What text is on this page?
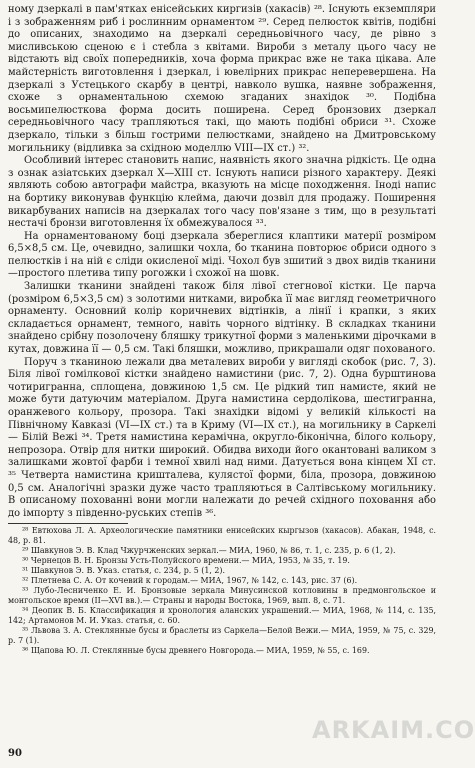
ному дзеркалі в пам'ятках енісейських киргизів (хакасів) ²⁸. Існують екземпляри і з зображенням риб і рослинним орнаментом ²⁹. Серед пелюсток квітів, подібні до описаних, знаходимо на дзеркалі середньовічного часу, де рівно з мисливською сценою є і стебла з квітами. Вироби з металу цього часу не відстають від своїх попередників, хоча форма прикрас вже не така цікава. Але майстерність виготовлення і дзеркал, і ювелірних прикрас неперевершена. На дзеркалі з Устецького скарбу в центрі, навколо вушка, наявне зображення, схоже з орнаментальною схемою згаданих знахідок ³⁰. Подібна восьмипелюсткова форма досить поширена. Серед бронзових дзеркал середньовічного часу трапляються такі, що мають подібні обриси ³¹. Схоже дзеркало, тільки з більш гострими пелюстками, знайдено на Дмитровському могильнику (відливка за східною моделлю VIII—IX ст.) ³².

Особливий інтерес становить напис, наявність якого значна рідкість. Це одна з ознак азіатських дзеркал X—XIII ст. Існують написи різного характеру. Деякі являють собою автографи майстра, вказують на місце походження. Іноді напис на бортику виконував функцію клейма, даючи дозвіл для продажу. Поширення викарбуваних написів на дзеркалах того часу пов'язане з тим, що в результаті нестачі бронзи виготовлення їх обмежувалося ³³.

На орнаментованому боці дзеркала збереглися клаптики матерії розміром 6,5×8,5 см. Це, очевидно, залишки чохла, бо тканина повторює обриси одного з пелюстків і на ній є сліди окисленої міді. Чохол був зшитий з двох видів тканини—простого плетива типу рогожки і схожої на шовк.

Залишки тканини знайдені також біля лівої стегнової кістки. Це парча (розміром 6,5×3,5 см) з золотими нитками, виробка її має вигляд геометричного орнаменту. Основний колір коричневих відтінків, а лінії і крапки, з яких складається орнамент, темного, навіть чорного відтінку. В складках тканини знайдено срібну позолочену бляшку трикутної форми з маленькими дірочками в кутах, довжина її — 0,5 см. Такі бляшки, можливо, прикрашали одяг похованого.

Поруч з тканиною лежали два металевих вироби у вигляді скобок (рис. 7, 3). Біля лівої гомілкової кістки знайдено намистини (рис. 7, 2). Одна бурштинова чотиригранна, сплощена, довжиною 1,5 см. Це рідкий тип намисте, який не може бути датуючим матеріалом. Друга намистина сердолікова, шестигранна, оранжевого кольору, прозора. Такі знахідки відомі у великій кількості на Північному Кавказі (VI—IX ст.) та в Криму (VI—IX ст.), на могильнику в Саркелі — Білій Вежі ³⁴. Третя намистина керамічна, округло-біконічна, білого кольору, непрозора. Отвір для нитки широкий. Обидва виходи його окантовані валиком з залишками жовтої фарби і темної хвилі над ними. Датується вона кінцем XI ст. ³⁵ Четверта намистина кришталева, кулястої форми, біла, прозора, довжиною 0,5 см. Аналогічні зразки дуже часто трапляються в Салтівському могильнику. В описаному похованні вони могли належати до речей східного поховання або до імпорту з південно-руських степів ³⁶.

²⁸ Евтюхова Л. А. Археологические памятники енисейских кыргызов (хакасов). Абакан, 1948, с. 48, р. 81.

²⁹ Шавкунов Э. В. Клад Чжурчженских зеркал.— МИА, 1960, № 86, т. 1, с. 235, р. 6 (1, 2).

³⁰ Чернецов В. Н. Бронзы Усть-Полуйского времени.— МИА, 1953, № 35, т. 19.

³¹ Шавкунов Э. В. Указ. статья, с. 234, р. 5 (1, 2).

³² Плетнева С. А. От кочевий к городам.— МИА, 1967, № 142, с. 143, рис. 37 (6).

³³ Лубо-Лесниченко Е. И. Бронзовые зеркала Минусинской котловины в предмонгольское и монгольское время (II—XVI вв.).— Страны и народы Востока, 1969, вып. 8, с. 71.

³⁴ Деопик В. Б. Классификация и хронология аланских украшений.— МИА, 1968, № 114, с. 135, 142; Артамонов М. И. Указ. статья, с. 60.

³⁵ Львова З. А. Стеклянные бусы и браслеты из Саркела—Белой Вежи.— МИА, 1959, № 75, с. 329, р. 7 (1).

³⁶ Щапова Ю. Л. Стеклянные бусы древнего Новгорода.— МИА, 1959, № 55, с. 169.

90
ARKAIM.CO
